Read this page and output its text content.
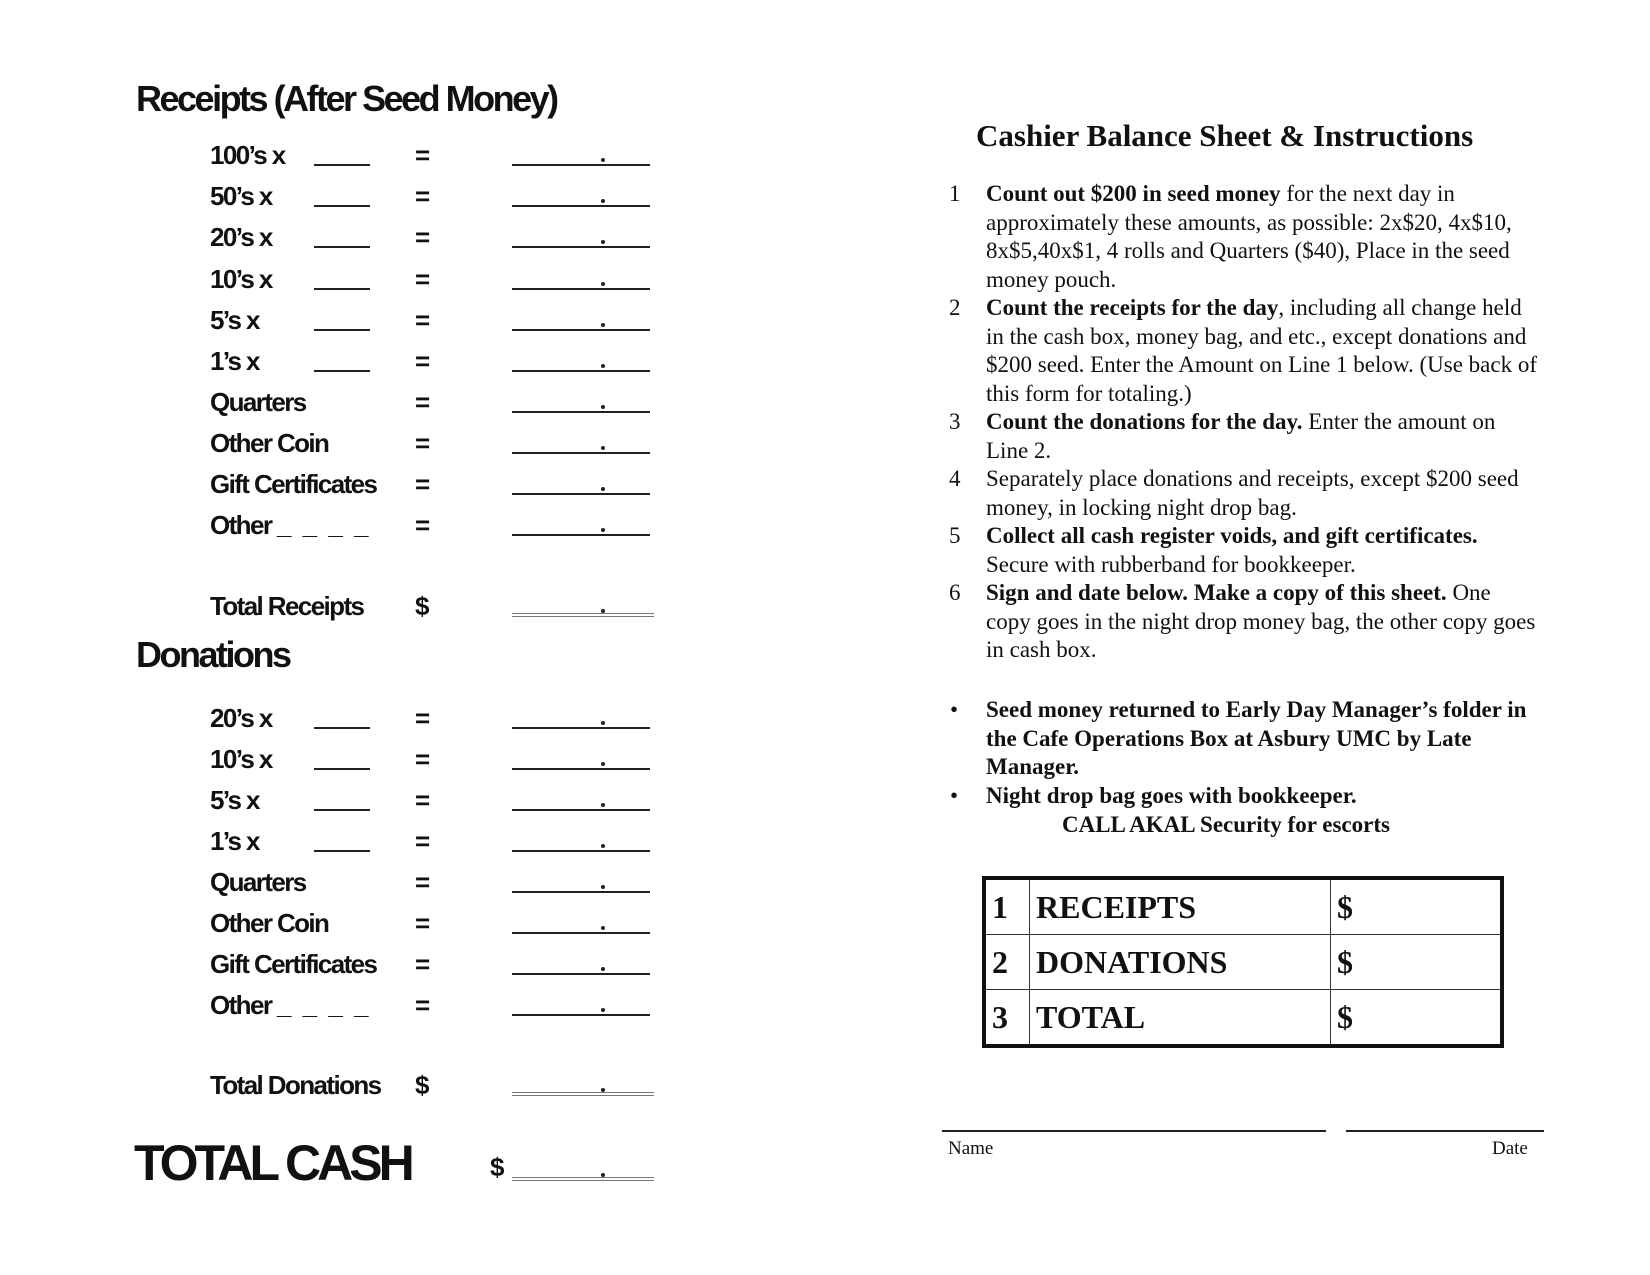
Receipts (After Seed Money)
100’s x	=
50’s x	=
20’s x	=
10’s x	=
5’s x	=
1’s x	=
Quarters	=
Other Coin	=
Gift Certificates =
Other _ _ _ _ =
Total Receipts $
Donations
20’s x	=
10’s x	=
5’s x	=
1’s x	=
Quarters	=
Other Coin	=
Gift Certificates =
Other _ _ _ _ =
Total Donations $
TOTAL CASH	$
Cashier Balance Sheet & Instructions
1 Count out $200 in seed money for the next day in approximately these amounts, as possible: 2x$20, 4x$10, 8x$5,40x$1, 4 rolls and Quarters ($40), Place in the seed money pouch.
2 Count the receipts for the day, including all change held in the cash box, money bag, and etc., except donations and $200 seed. Enter the Amount on Line 1 below. (Use back of this form for totaling.)
3 Count the donations for the day. Enter the amount on Line 2.
4 Separately place donations and receipts, except $200 seed money, in locking night drop bag.
5 Collect all cash register voids, and gift certificates. Secure with rubberband for bookkeeper.
6 Sign and date below. Make a copy of this sheet. One copy goes in the night drop money bag, the other copy goes in cash box.
• Seed money returned to Early Day Manager’s folder in the Cafe Operations Box at Asbury UMC by Late Manager.
• Night drop bag goes with bookkeeper.
CALL AKAL Security for escorts
1	RECEIPTS	$
2	DONATIONS	$
3	TOTAL	$
Name	Date
